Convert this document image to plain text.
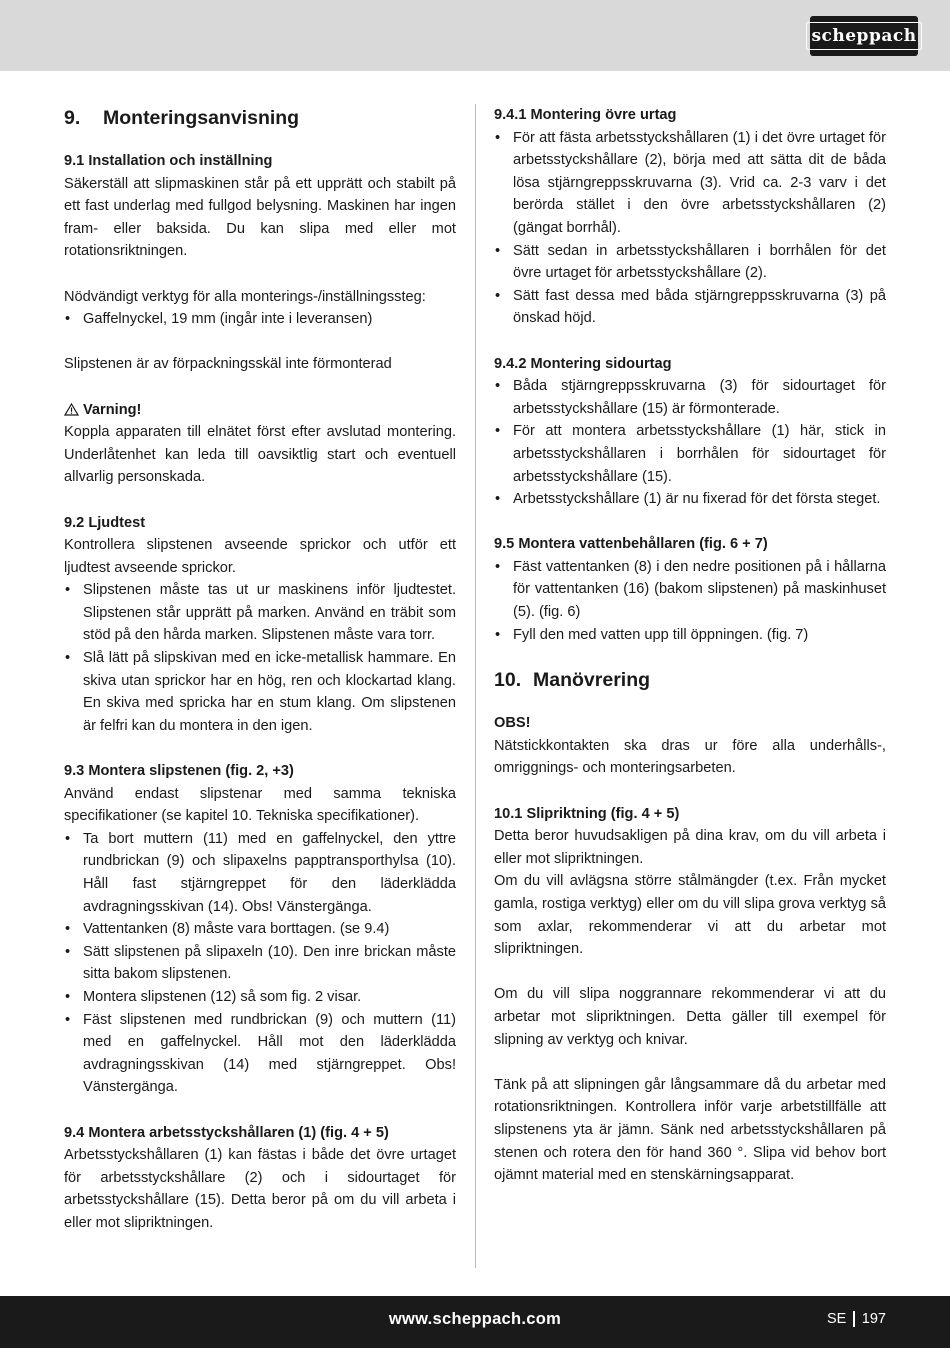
scheppach
9.	Monteringsanvisning

9.1 Installation och inställning

Säkerställ att slipmaskinen står på ett upprätt och stabilt på ett fast underlag med fullgod belysning. Maskinen har ingen fram- eller baksida. Du kan slipa med eller mot rotationsriktningen.

Nödvändigt verktyg för alla monterings-/inställningssteg:

• Gaffelnyckel, 19 mm (ingår inte i leveransen)

Slipstenen är av förpackningsskäl inte förmonterad

Varning!

Koppla apparaten till elnätet först efter avslutad montering. Underlåtenhet kan leda till oavsiktlig start och eventuell allvarlig personskada.

9.2 Ljudtest

Kontrollera slipstenen avseende sprickor och utför ett ljudtest avseende sprickor.

• Slipstenen måste tas ut ur maskinens inför ljudtestet. Slipstenen står upprätt på marken. Använd en träbit som stöd på den hårda marken. Slipstenen måste vara torr.
• Slå lätt på slipskivan med en icke-metallisk hammare. En skiva utan sprickor har en hög, ren och klockartad klang. En skiva med spricka har en stum klang. Om slipstenen är felfri kan du montera in den igen.

9.3 Montera slipstenen (fig. 2, +3)

Använd endast slipstenar med samma tekniska specifikationer (se kapitel 10. Tekniska specifikationer).

• Ta bort muttern (11) med en gaffelnyckel, den yttre rundbrickan (9) och slipaxelns papptransporthylsa (10). Håll fast stjärngreppet för den läderklädda avdragningsskivan (14). Obs! Vänstergänga.
• Vattentanken (8) måste vara borttagen. (se 9.4)
• Sätt slipstenen på slipaxeln (10). Den inre brickan måste sitta bakom slipstenen.
• Montera slipstenen (12) så som fig. 2 visar.
• Fäst slipstenen med rundbrickan (9) och muttern (11) med en gaffelnyckel. Håll mot den läderklädda avdragningsskivan (14) med stjärngreppet. Obs! Vänstergänga.

9.4 Montera arbetsstyckshållaren (1) (fig. 4 + 5)

Arbetsstyckshållaren (1) kan fästas i både det övre urtaget för arbetsstyckshållare (2) och i sidourtaget för arbetsstyckshållare (15). Detta beror på om du vill arbeta i eller mot slipriktningen.

9.4.1 Montering övre urtag

• För att fästa arbetsstyckshållaren (1) i det övre urtaget för arbetsstyckshållare (2), börja med att sätta dit de båda lösa stjärngreppsskruvarna (3). Vrid ca. 2-3 varv i det berörda stället i den övre arbetsstyckshållaren (2) (gängat borrhål).
• Sätt sedan in arbetsstyckshållaren i borrhålen för det övre urtaget för arbetsstyckshållare (2).
• Sätt fast dessa med båda stjärngreppsskruvarna (3) på önskad höjd.

9.4.2 Montering sidourtag

• Båda stjärngreppsskruvarna (3) för sidourtaget för arbetsstyckshållare (15) är förmonterade.
• För att montera arbetsstyckshållare (1) här, stick in arbetsstyckshållaren i borrhålen för sidourtaget för arbetsstyckshållare (15).
• Arbetsstyckshållare (1) är nu fixerad för det första steget.

9.5 Montera vattenbehållaren (fig. 6 + 7)

• Fäst vattentanken (8) i den nedre positionen på i hållarna för vattentanken (16) (bakom slipstenen) på maskinhuset (5). (fig. 6)
• Fyll den med vatten upp till öppningen. (fig. 7)
10. Manövrering

OBS!

Nätstickkontakten ska dras ur före alla underhålls-, omriggnings- och monteringsarbeten.

10.1 Slipriktning (fig. 4 + 5)

Detta beror huvudsakligen på dina krav, om du vill arbeta i eller mot slipriktningen.

Om du vill avlägsna större stålmängder (t.ex. Från mycket gamla, rostiga verktyg) eller om du vill slipa grova verktyg så som axlar, rekommenderar vi att du arbetar mot slipriktningen.

Om du vill slipa noggrannare rekommenderar vi att du arbetar mot slipriktningen. Detta gäller till exempel för slipning av verktyg och knivar.

Tänk på att slipningen går långsammare då du arbetar med rotationsriktningen. Kontrollera inför varje arbetstillfälle att slipstenens yta är jämn. Sänk ned arbetsstyckshållaren på stenen och rotera den för hand 360 °. Slipa vid behov bort ojämnt material med en stenskärningsapparat.

www.scheppach.com	SE 197
